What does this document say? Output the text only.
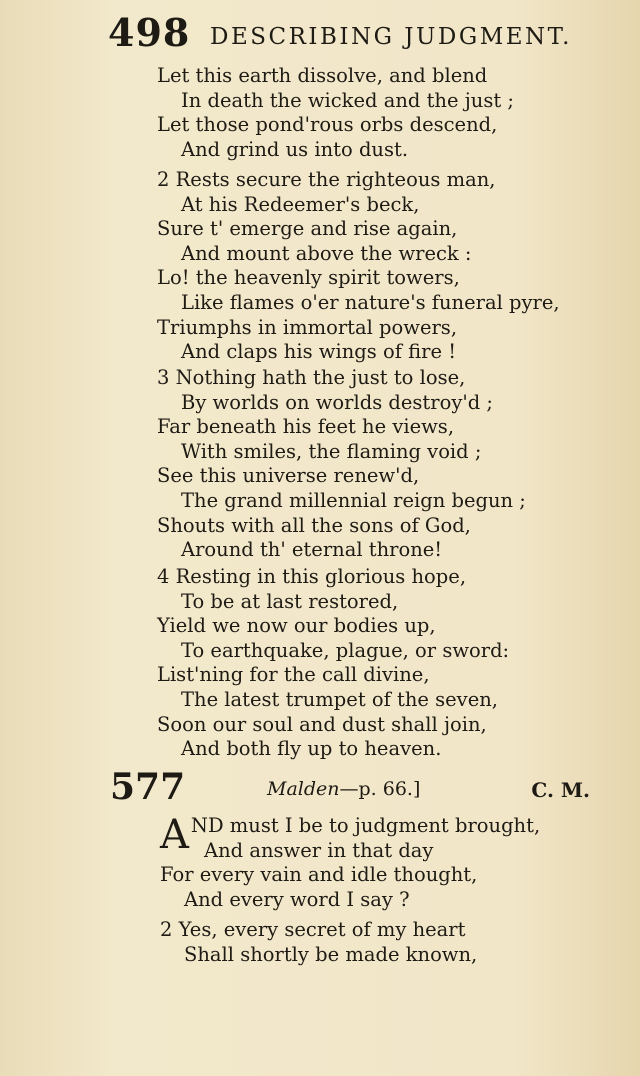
498 DESCRIBING JUDGMENT.
Let this earth dissolve, and blend
In death the wicked and the just ;
Let those pond'rous orbs descend,
And grind us into dust.
2 Rests secure the righteous man,
At his Redeemer's beck,
Sure t' emerge and rise again,
And mount above the wreck :
Lo! the heavenly spirit towers,
Like flames o'er nature's funeral pyre,
Triumphs in immortal powers,
And claps his wings of fire !
3 Nothing hath the just to lose,
By worlds on worlds destroy'd ;
Far beneath his feet he views,
With smiles, the flaming void ;
See this universe renew'd,
The grand millennial reign begun ;
Shouts with all the sons of God,
Around th' eternal throne!
4 Resting in this glorious hope,
To be at last restored,
Yield we now our bodies up,
To earthquake, plague, or sword:
List'ning for the call divine,
The latest trumpet of the seven,
Soon our soul and dust shall join,
And both fly up to heaven.
577	Malden—p. 66.]	C. M.
AND must I be to judgment brought,
And answer in that day
For every vain and idle thought,
And every word I say ?
2 Yes, every secret of my heart
Shall shortly be made known,
